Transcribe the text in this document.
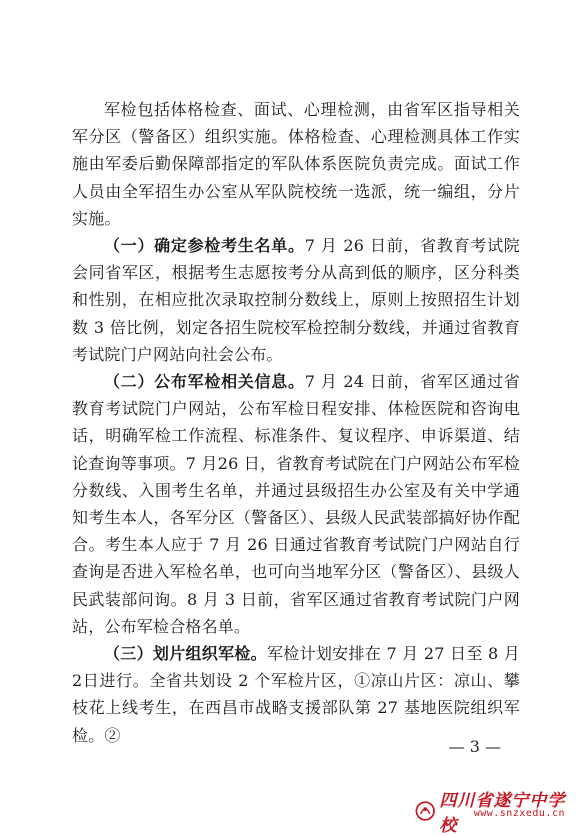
军检包括体格检查、面试、心理检测，由省军区指导相关军分区（警备区）组织实施。体格检查、心理检测具体工作实施由军委后勤保障部指定的军队体系医院负责完成。面试工作人员由全军招生办公室从军队院校统一选派，统一编组，分片实施。

（一）确定参检考生名单。7 月 26 日前，省教育考试院会同省军区，根据考生志愿按考分从高到低的顺序，区分科类和性别，在相应批次录取控制分数线上，原则上按照招生计划数 3 倍比例，划定各招生院校军检控制分数线，并通过省教育考试院门户网站向社会公布。

（二）公布军检相关信息。7 月 24 日前，省军区通过省教育考试院门户网站，公布军检日程安排、体检医院和咨询电话，明确军检工作流程、标准条件、复议程序、申诉渠道、结论查询等事项。7 月26 日，省教育考试院在门户网站公布军检分数线、入围考生名单，并通过县级招生办公室及有关中学通知考生本人，各军分区（警备区）、县级人民武装部搞好协作配合。考生本人应于 7 月 26 日通过省教育考试院门户网站自行查询是否进入军检名单，也可向当地军分区（警备区）、县级人民武装部问询。8 月 3 日前，省军区通过省教育考试院门户网站，公布军检合格名单。

（三）划片组织军检。军检计划安排在 7 月 27 日至 8 月 2日进行。全省共划设 2 个军检片区，①凉山片区：凉山、攀枝花上线考生，在西昌市战略支援部队第 27 基地医院组织军检。②

— 3 —
四川省遂宁中学校
www.snzxedu.cn
